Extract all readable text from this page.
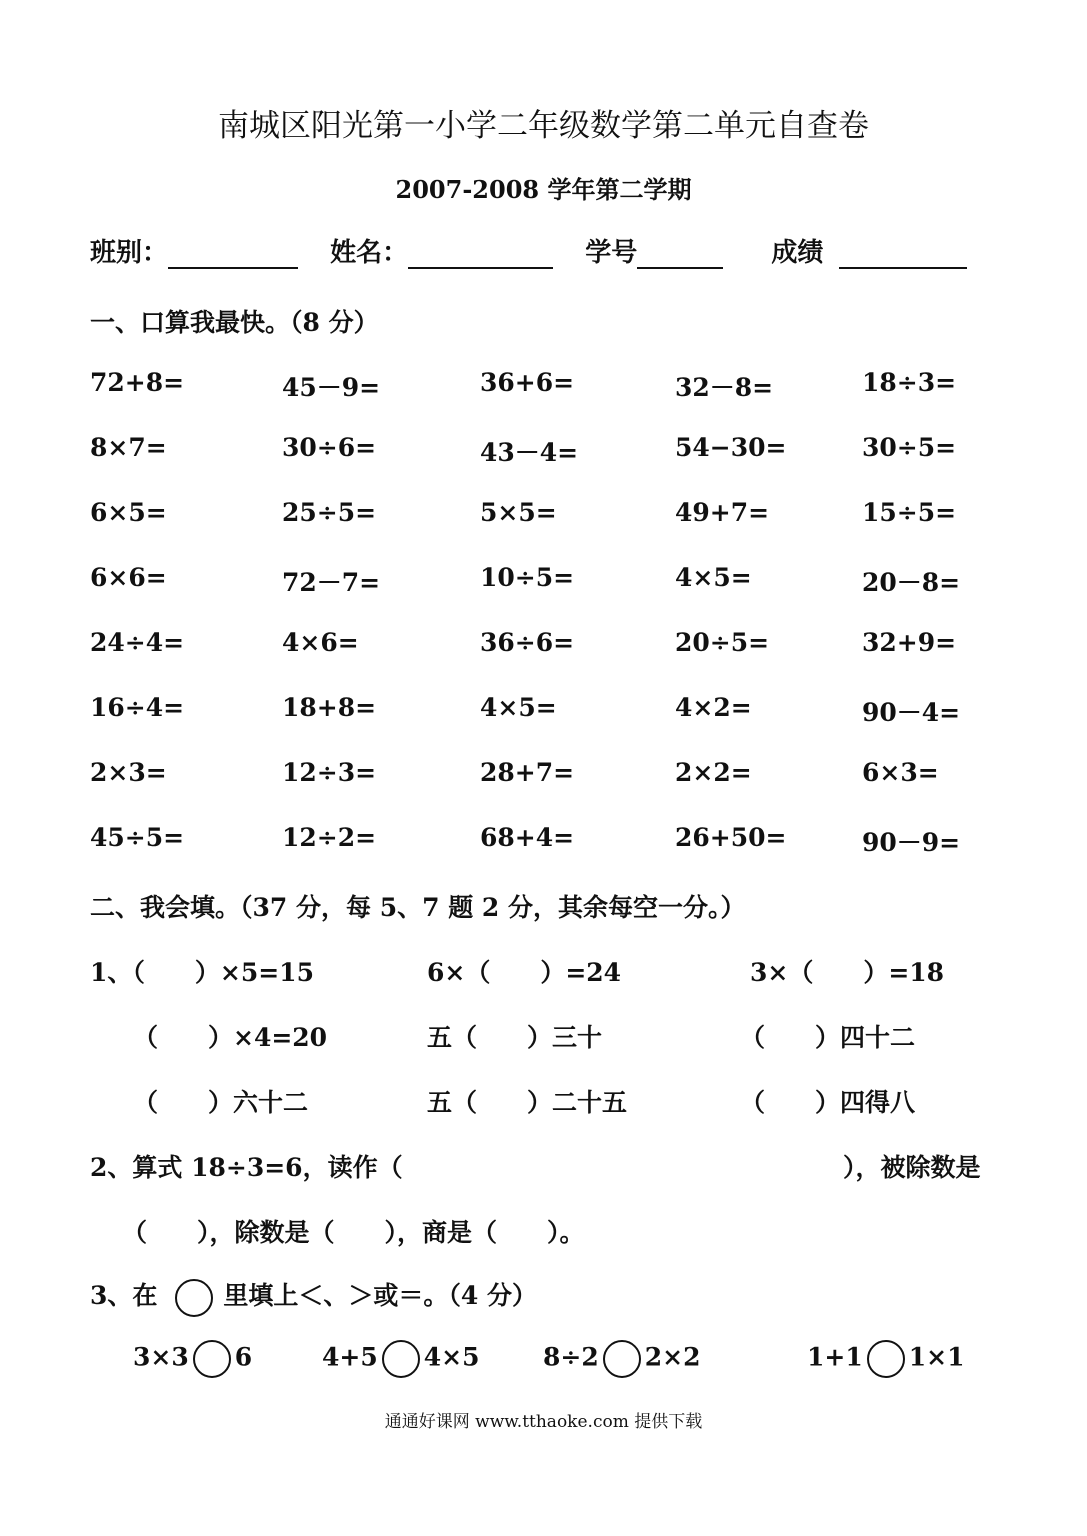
南城区阳光第一小学二年级数学第二单元自查卷
2007-2008 学年第二学期
班别：	姓名：	学号	成绩
一、口算我最快。（8 分）
72+8=	45－9=	36+6=	32－8=	18÷3=
8×7=	30÷6=	43－4=	54−30=	30÷5=
6×5=	25÷5=	5×5=	49+7=	15÷5=
6×6=	72－7=	10÷5=	4×5=	20－8=
24÷4=	4×6=	36÷6=	20÷5=	32+9=
16÷4=	18+8=	4×5=	4×2=	90－4=
2×3=	12÷3=	28+7=	2×2=	6×3=
45÷5=	12÷2=	68+4=	26+50=	90－9=
二、我会填。（37 分，每 5、7 题 2 分，其余每空一分。）
1、（　　）×5=15	6×（　　）=24	3×（　　）=18
（　　）×4=20	五（　　）三十	（　　）四十二
（　　）六十二	五（　　）二十五	（　　）四得八
2、算式 18÷3=6，读作（	），被除数是
（　　），除数是（　　），商是（　　）。
3、在	里填上＜、＞或＝。（4 分）
3×3 6	4+5 4×5	8÷2 2×2	1+1 1×1
通通好课网 www.tthaoke.com 提供下载
